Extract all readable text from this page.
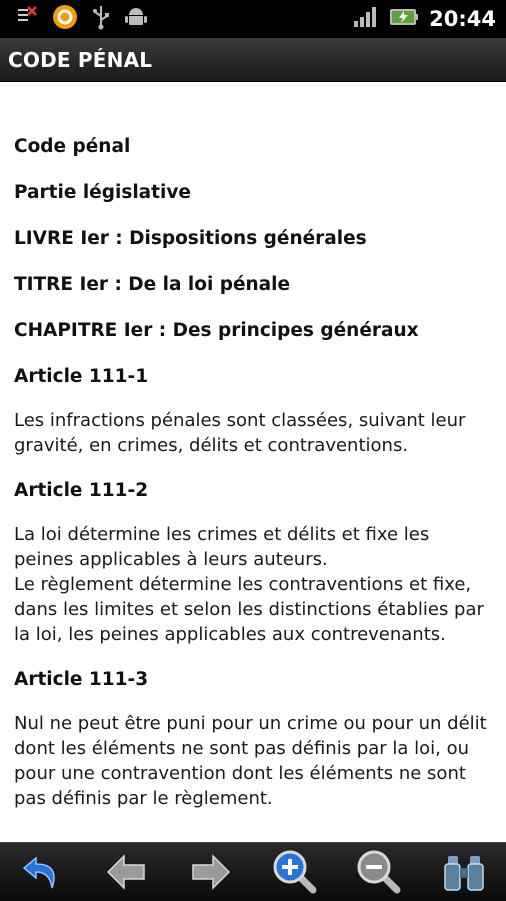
20:44
CODE PÉNAL
Code pénal
Partie législative
LIVRE Ier : Dispositions générales
TITRE Ier : De la loi pénale
CHAPITRE Ier : Des principes généraux
Article 111-1
Les infractions pénales sont classées, suivant leur gravité, en crimes, délits et contraventions.
Article 111-2
La loi détermine les crimes et délits et fixe les peines applicables à leurs auteurs.
Le règlement détermine les contraventions et fixe, dans les limites et selon les distinctions établies par la loi, les peines applicables aux contrevenants.
Article 111-3
Nul ne peut être puni pour un crime ou pour un délit dont les éléments ne sont pas définis par la loi, ou pour une contravention dont les éléments ne sont pas définis par le règlement.
